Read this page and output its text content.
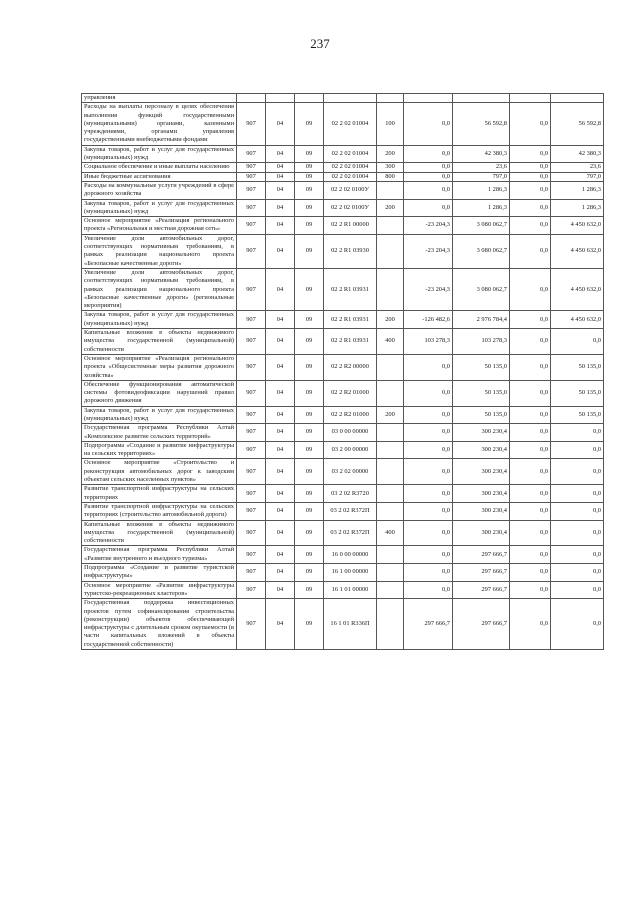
237
управления									
Расходы на выплаты персоналу в целях обеспечения выполнения функций государственными (муниципальными) органами, казенными учреждениями, органами управления государственными внебюджетными фондами	907	04	09	02 2 02 01004	100	0,0	56 592,8	0,0	56 592,8
Закупка товаров, работ и услуг для государственных (муниципальных) нужд	907	04	09	02 2 02 01004	200	0,0	42 380,3	0,0	42 380,3
Социальное обеспечение и иные выплаты населению	907	04	09	02 2 02 01004	300	0,0	23,6	0,0	23,6
Иные бюджетные ассигнования	907	04	09	02 2 02 01004	800	0,0	797,0	0,0	797,0
Расходы на коммунальные услуги учреждений в сфере дорожного хозяйства	907	04	09	02 2 02 0100У		0,0	1 286,3	0,0	1 286,3
Закупка товаров, работ и услуг для государственных (муниципальных) нужд	907	04	09	02 2 02 0100У	200	0,0	1 286,3	0,0	1 286,3
Основное мероприятие «Реализация регионального проекта «Региональная и местная дорожная сеть»	907	04	09	02 2 R1 00000		-23 204,3	3 080 062,7	0,0	4 450 632,0
Увеличение доли автомобильных дорог, соответствующих нормативным требованиям, в рамках реализации национального проекта «Безопасные качественные дороги»	907	04	09	02 2 R1 03930		-23 204,3	3 080 062,7	0,0	4 450 632,0
Увеличение доли автомобильных дорог, соответствующих нормативным требованиям, в рамках реализации национального проекта «Безопасные качественные дороги» (региональные мероприятия)	907	04	09	02 2 R1 03931		-23 204,3	3 080 062,7	0,0	4 450 632,0
Закупка товаров, работ и услуг для государственных (муниципальных) нужд	907	04	09	02 2 R1 03931	200	-126 482,6	2 976 784,4	0,0	4 450 632,0
Капитальные вложения в объекты недвижимого имущества государственной (муниципальной) собственности	907	04	09	02 2 R1 03931	400	103 278,3	103 278,3	0,0	0,0
Основное мероприятие «Реализация регионального проекта «Общесистемные меры развития дорожного хозяйства»	907	04	09	02 2 R2 00000		0,0	50 135,0	0,0	50 135,0
Обеспечение функционирования автоматической системы фотовидеофиксации нарушений правил дорожного движения	907	04	09	02 2 R2 01000		0,0	50 135,0	0,0	50 135,0
Закупка товаров, работ и услуг для государственных (муниципальных) нужд	907	04	09	02 2 R2 01000	200	0,0	50 135,0	0,0	50 135,0
Государственная программа Республики Алтай «Комплексное развитие сельских территорий»	907	04	09	03 0 00 00000		0,0	300 230,4	0,0	0,0
Подпрограмма «Создание и развитие инфраструктуры на сельских территориях»	907	04	09	03 2 00 00000		0,0	300 230,4	0,0	0,0
Основное мероприятие «Строительство и реконструкция автомобильных дорог к заводским объектам сельских населенных пунктов»	907	04	09	03 2 02 00000		0,0	300 230,4	0,0	0,0
Развитие транспортной инфраструктуры на сельских территориях	907	04	09	03 2 02 R3720		0,0	300 230,4	0,0	0,0
Развитие транспортной инфраструктуры на сельских территориях (строительство автомобильной дороги)	907	04	09	03 2 02 R372П		0,0	300 230,4	0,0	0,0
Капитальные вложения в объекты недвижимого имущества государственной (муниципальной) собственности	907	04	09	03 2 02 R372П	400	0,0	300 230,4	0,0	0,0
Государственная программа Республики Алтай «Развитие внутреннего и въездного туризма»	907	04	09	16 0 00 00000		0,0	297 666,7	0,0	0,0
Подпрограмма «Создание и развитие туристской инфраструктуры»	907	04	09	16 1 00 00000		0,0	297 666,7	0,0	0,0
Основное мероприятие «Развитие инфраструктуры туристско-рекреационных кластеров»	907	04	09	16 1 01 00000		0,0	297 666,7	0,0	0,0
Государственная поддержка инвестиционных проектов путем софинансирования строительства (реконструкции) объектов обеспечивающей инфраструктуры с длительным сроком окупаемости (в части капитальных вложений в объекты государственной собственности)	907	04	09	16 1 01 R336П		297 666,7	297 666,7	0,0	0,0
